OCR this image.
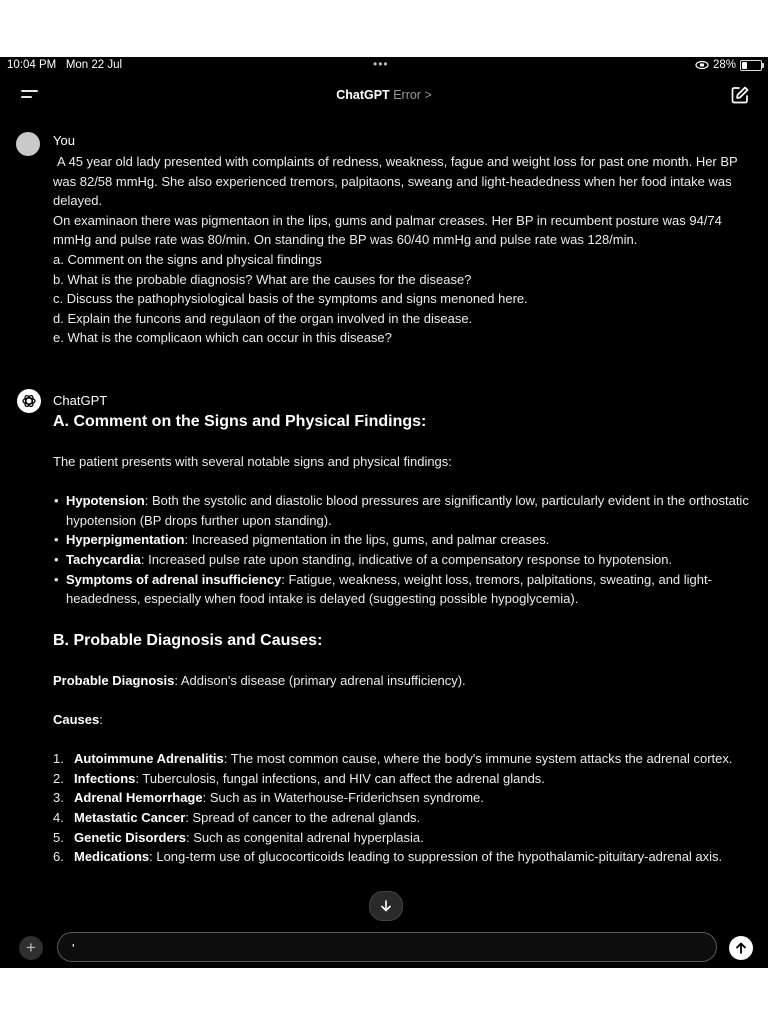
10:04 PM Mon 22 Jul	•••	28%
ChatGPT Error >
You

A 45 year old lady presented with complaints of redness, weakness, fague and weight loss for past one month. Her BP was 82/58 mmHg. She also experienced tremors, palpitaons, sweang and light-headedness when her food intake was delayed.

On examinaon there was pigmentaon in the lips, gums and palmar creases. Her BP in recumbent posture was 94/74 mmHg and pulse rate was 80/min. On standing the BP was 60/40 mmHg and pulse rate was 128/min.

a. Comment on the signs and physical findings

b. What is the probable diagnosis? What are the causes for the disease?

c. Discuss the pathophysiological basis of the symptoms and signs menoned here.

d. Explain the funcons and regulaon of the organ involved in the disease.

e. What is the complicaon which can occur in this disease?

ChatGPT

A. Comment on the Signs and Physical Findings:

The patient presents with several notable signs and physical findings:

• Hypotension: Both the systolic and diastolic blood pressures are significantly low, particularly evident in the orthostatic hypotension (BP drops further upon standing).
• Hyperpigmentation: Increased pigmentation in the lips, gums, and palmar creases.
• Tachycardia: Increased pulse rate upon standing, indicative of a compensatory response to hypotension.
• Symptoms of adrenal insufficiency: Fatigue, weakness, weight loss, tremors, palpitations, sweating, and light-headedness, especially when food intake is delayed (suggesting possible hypoglycemia).

B. Probable Diagnosis and Causes:

Probable Diagnosis: Addison's disease (primary adrenal insufficiency).

Causes:

1. Autoimmune Adrenalitis: The most common cause, where the body's immune system attacks the adrenal cortex.
2. Infections: Tuberculosis, fungal infections, and HIV can affect the adrenal glands.
3. Adrenal Hemorrhage: Such as in Waterhouse-Friderichsen syndrome.
4. Metastatic Cancer: Spread of cancer to the adrenal glands.
5. Genetic Disorders: Such as congenital adrenal hyperplasia.
6. Medications: Long-term use of glucocorticoids leading to suppression of the hypothalamic-pituitary-adrenal axis.
+
'
